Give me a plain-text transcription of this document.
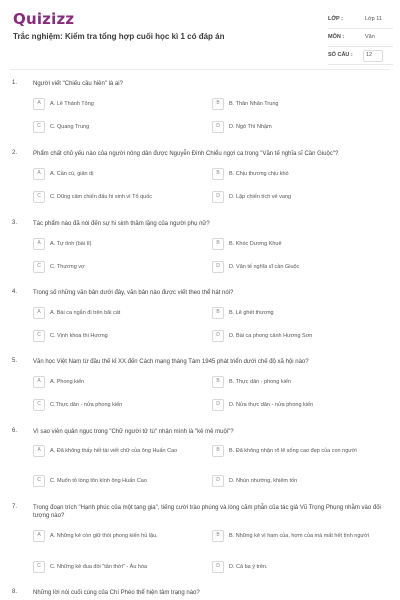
Quizizz
Trắc nghiệm: Kiểm tra tổng hợp cuối học kì 1 có đáp án
LỚP :	Lớp 11
MÔN :	Văn
SỐ CÂU : 12
1.	Người viết "Chiếu cầu hiền" là ai?
A	A. Lê Thánh Tông	B	B. Thân Nhân Trung
C	C. Quang Trung	D	D. Ngô Thì Nhậm
2.	Phẩm chất chủ yếu nào của người nông dân được Nguyễn Đình Chiểu ngợi ca trong "Văn tế nghĩa sĩ Cần Giuộc"?
A	A. Cần cù, giản dị	B	B. Chịu thương chịu khó
C	C. Dũng cảm chiến đấu hi sinh vì Tổ quốc	D	D. Lập chiến tích vẻ vang
3.	Tác phẩm nào đã nói đến sự hi sinh thầm lặng của người phụ nữ?
A	A. Tự tình (bài II)	B	B. Khóc Dương Khuê
C	C. Thương vợ	D	D. Văn tế nghĩa sĩ cần Giuộc
4.	Trong số những văn bản dưới đây, văn bản nào được viết theo thể hát nói?
A	A. Bài ca ngắn đi trên bãi cát	B	B. Lẽ ghét thương
C	C. Vịnh khoa thi Hương	D	D. Bài ca phong cảnh Hương Sơn
5.	Văn học Việt Nam từ đầu thế kỉ XX đến Cách mạng tháng Tám 1945 phát triển dưới chế độ xã hội nào?
A	A. Phong kiến	B	B. Thực dân - phong kiến
C	C.Thực dân - nửa phong kiến	D	D. Nửa thực dân - nửa phong kiến
6.	Vì sao viên quản ngục trong "Chữ người tử tù" nhận mình là "kẻ mê muội"?
A	A. Đã không thấy hết tài viết chữ của ông Huấn Cao	B	B. Đã không nhận rõ lẽ sống cao đẹp của con người
C	C. Muốn tỏ lòng tôn kính ông Huấn Cao	D	D. Nhún nhường, khiêm tốn
7.	Trong đoạn trích "Hạnh phúc của một tang gia", tiếng cười trào phúng và lòng căm phẫn của tác giả Vũ Trọng Phụng nhằm vào đối tượng nào?
A	A. Những kẻ còn giữ thói phong kiến hủ lậu.	B	B. Những kẻ vì ham của, hợm của mà mất hết tình người
C	C. Những kẻ đua đòi "tân thời" - Âu hóa	D	D. Cả ba ý trên.
8.	Những lời nói cuối cùng của Chí Phèo thể hiện tâm trạng nào?
